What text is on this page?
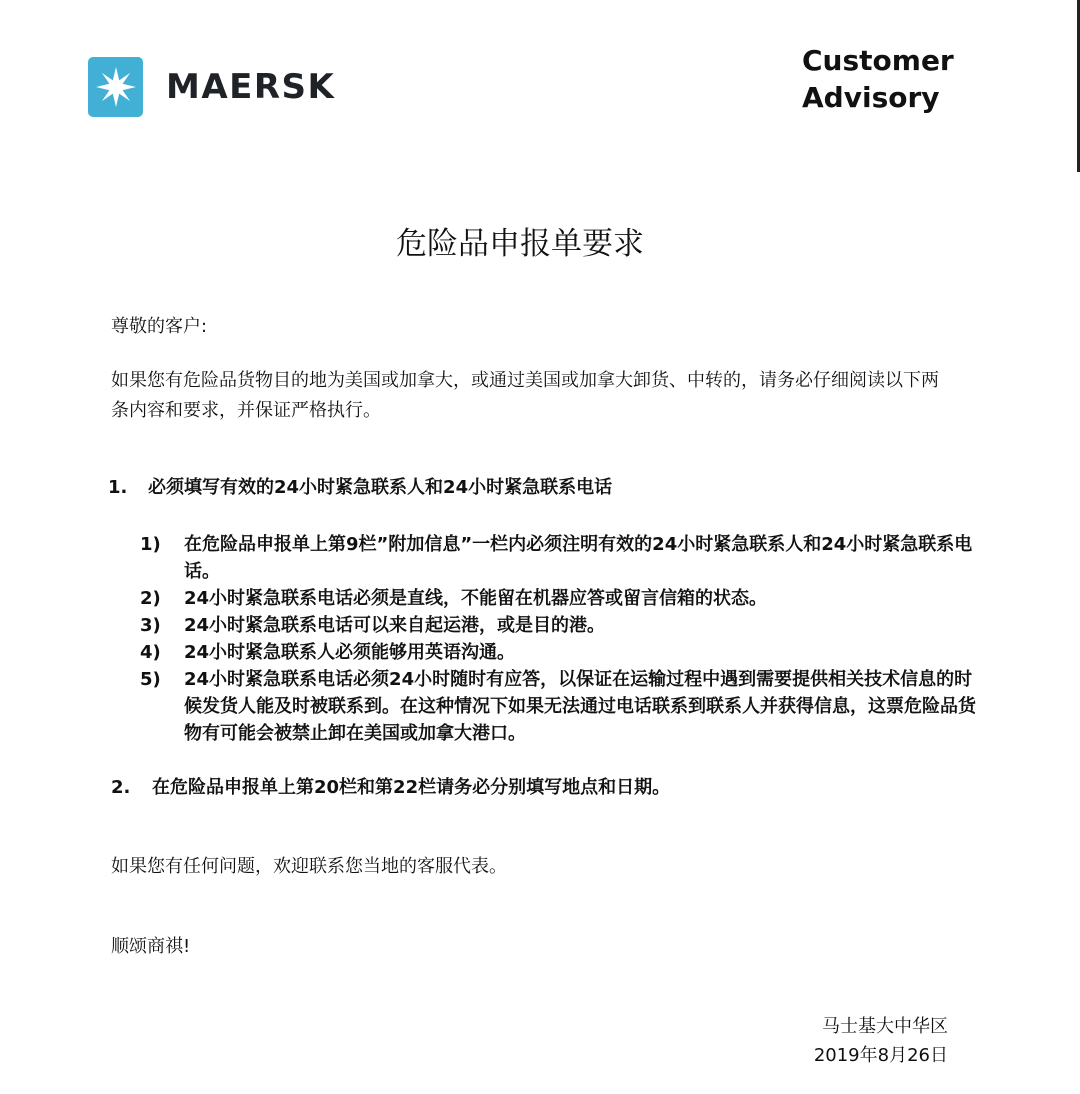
MAERSK
Customer
Advisory
危险品申报单要求
尊敬的客户:
如果您有危险品货物目的地为美国或加拿大，或通过美国或加拿大卸货、中转的，请务必仔细阅读以下两条内容和要求，并保证严格执行。
1. 必须填写有效的24小时紧急联系人和24小时紧急联系电话
1) 在危险品申报单上第9栏”附加信息”一栏内必须注明有效的24小时紧急联系人和24小时紧急联系电话。
2) 24小时紧急联系电话必须是直线，不能留在机器应答或留言信箱的状态。
3) 24小时紧急联系电话可以来自起运港，或是目的港。
4) 24小时紧急联系人必须能够用英语沟通。
5) 24小时紧急联系电话必须24小时随时有应答，以保证在运输过程中遇到需要提供相关技术信息的时候发货人能及时被联系到。在这种情况下如果无法通过电话联系到联系人并获得信息，这票危险品货物有可能会被禁止卸在美国或加拿大港口。
2. 在危险品申报单上第20栏和第22栏请务必分别填写地点和日期。
如果您有任何问题，欢迎联系您当地的客服代表。
顺颂商祺!
马士基大中华区
2019年8月26日
